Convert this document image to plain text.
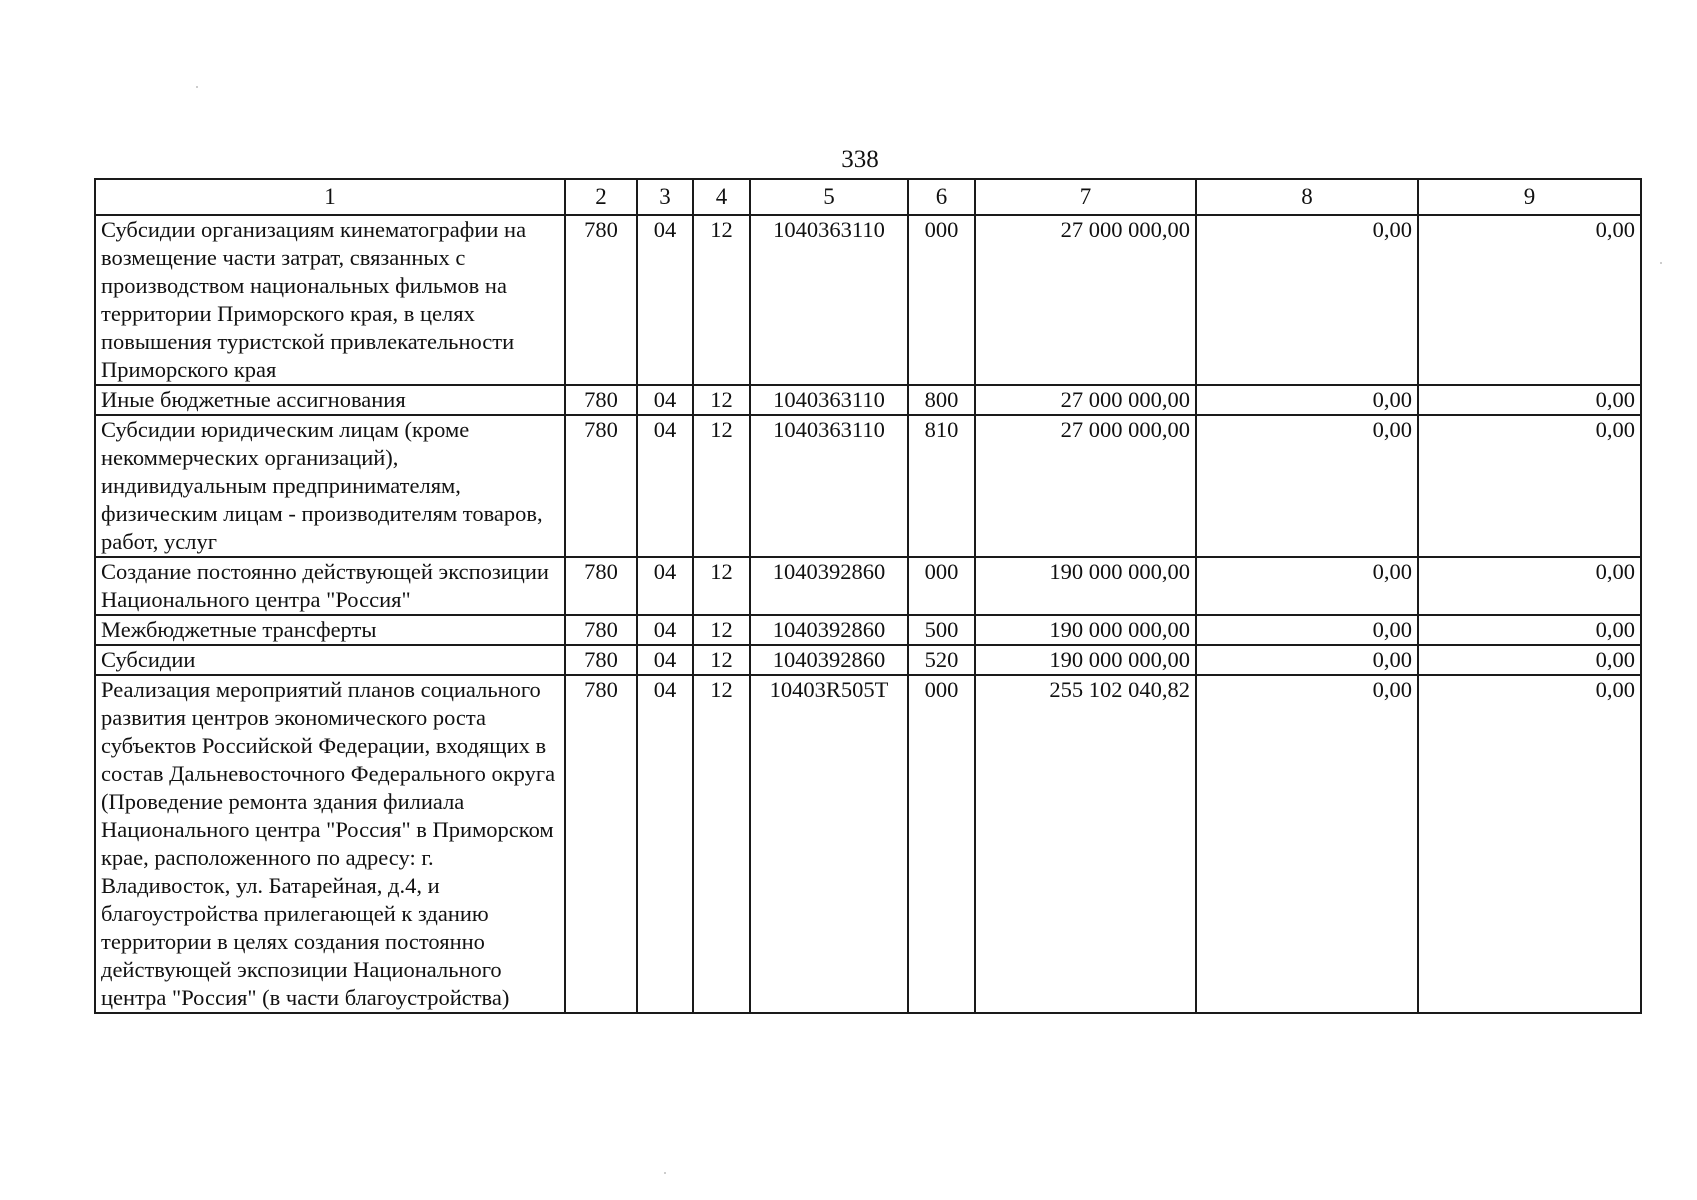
338
1	2	3	4	5	6	7	8	9
Субсидии организациям кинематографии на возмещение части затрат, связанных с производством национальных фильмов на территории Приморского края, в целях повышения туристской привлекательности Приморского края	780	04	12	1040363110	000	27 000 000,00	0,00	0,00
Иные бюджетные ассигнования	780	04	12	1040363110	800	27 000 000,00	0,00	0,00
Субсидии юридическим лицам (кроме некоммерческих организаций), индивидуальным предпринимателям, физическим лицам - производителям товаров, работ, услуг	780	04	12	1040363110	810	27 000 000,00	0,00	0,00
Создание постоянно действующей экспозиции Национального центра "Россия"	780	04	12	1040392860	000	190 000 000,00	0,00	0,00
Межбюджетные трансферты	780	04	12	1040392860	500	190 000 000,00	0,00	0,00
Субсидии	780	04	12	1040392860	520	190 000 000,00	0,00	0,00
Реализация мероприятий планов социального развития центров экономического роста субъектов Российской Федерации, входящих в состав Дальневосточного Федерального округа (Проведение ремонта здания филиала Национального центра "Россия" в Приморском крае, расположенного по адресу: г. Владивосток, ул. Батарейная, д.4, и благоустройства прилегающей к зданию территории в целях создания постоянно действующей экспозиции Национального центра "Россия" (в части благоустройства)	780	04	12	10403R505T	000	255 102 040,82	0,00	0,00
